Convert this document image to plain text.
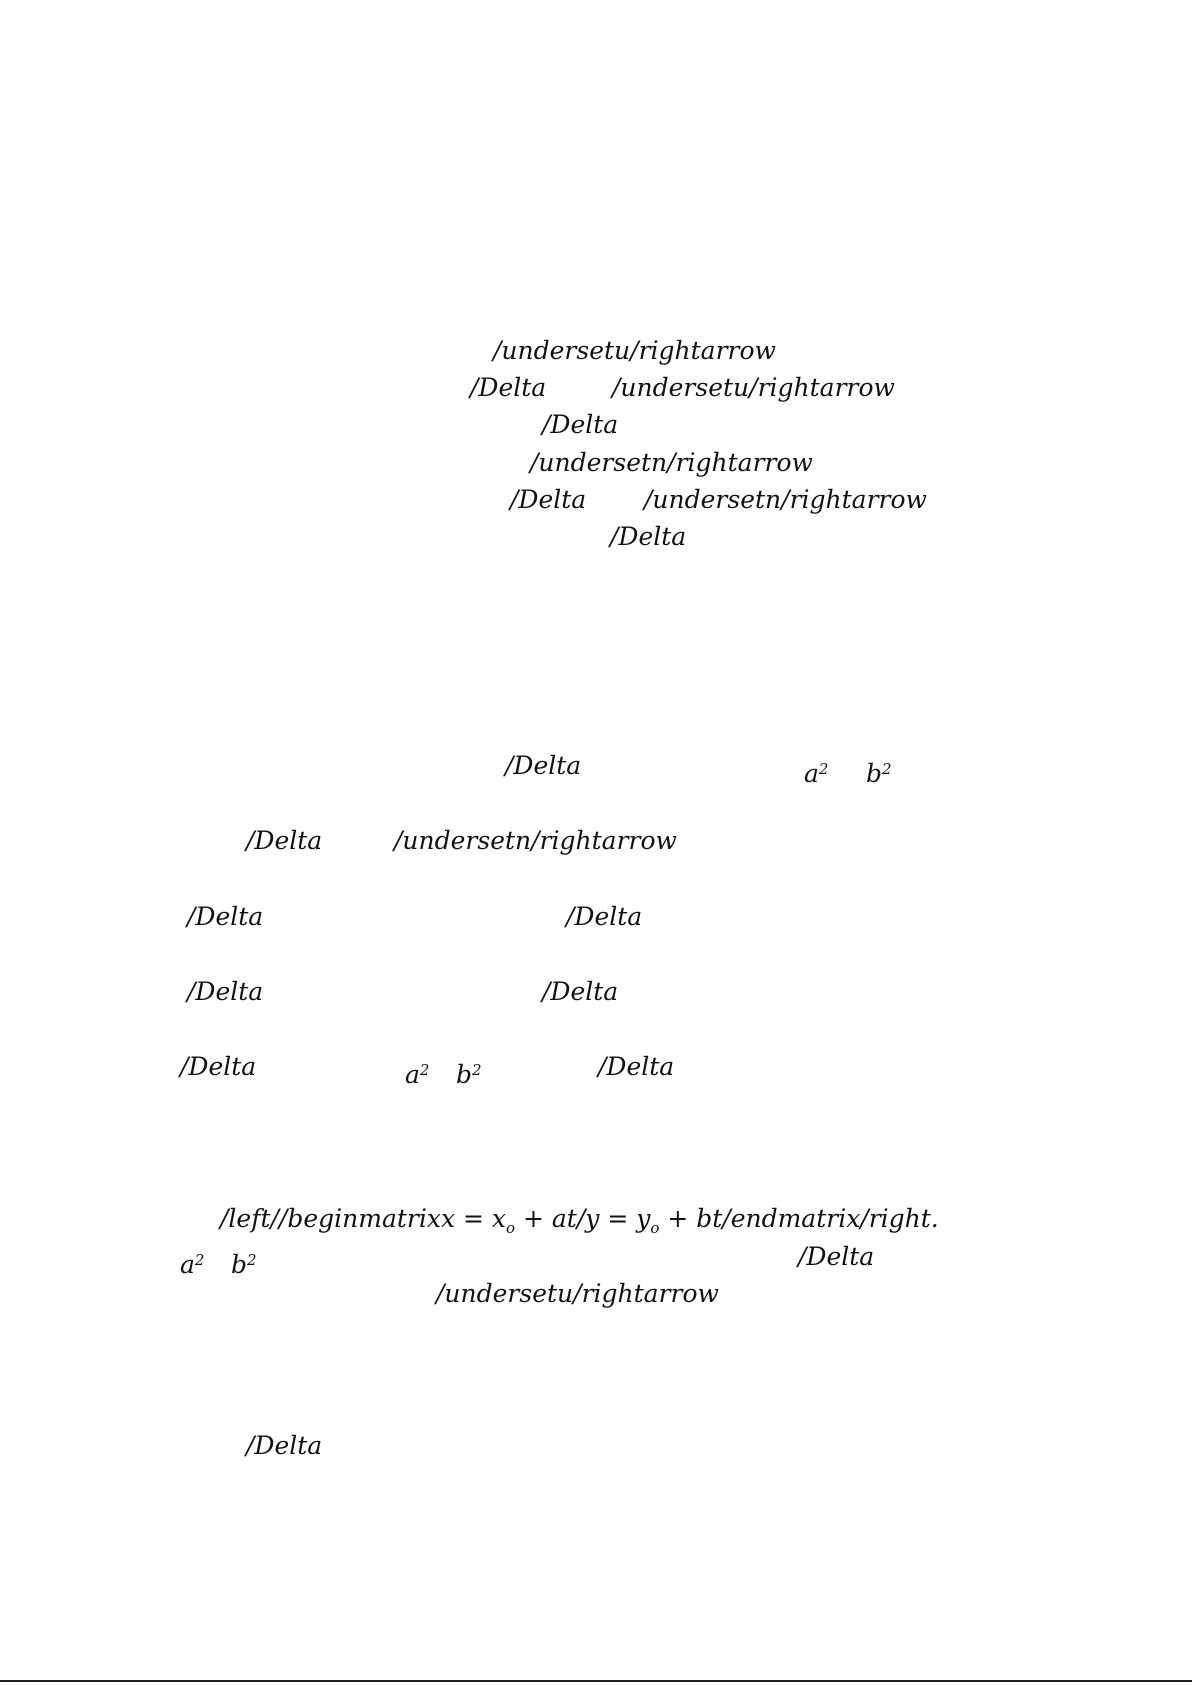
/undersetu/rightarrow
/Delta	/undersetu/rightarrow
/Delta
/undersetn/rightarrow
/Delta /undersetn/rightarrow
/Delta
/Delta	$a^2$ $b^2$
/Delta	/undersetn/rightarrow
/Delta	/Delta
/Delta	/Delta
/Delta	$a^2$ $b^2$	/Delta
/left//beginmatrixx = $x_o + at/y = y_o$ + bt/endmatrix/right.
$a^2$ $b^2$	/Delta
/undersetu/rightarrow
/Delta
